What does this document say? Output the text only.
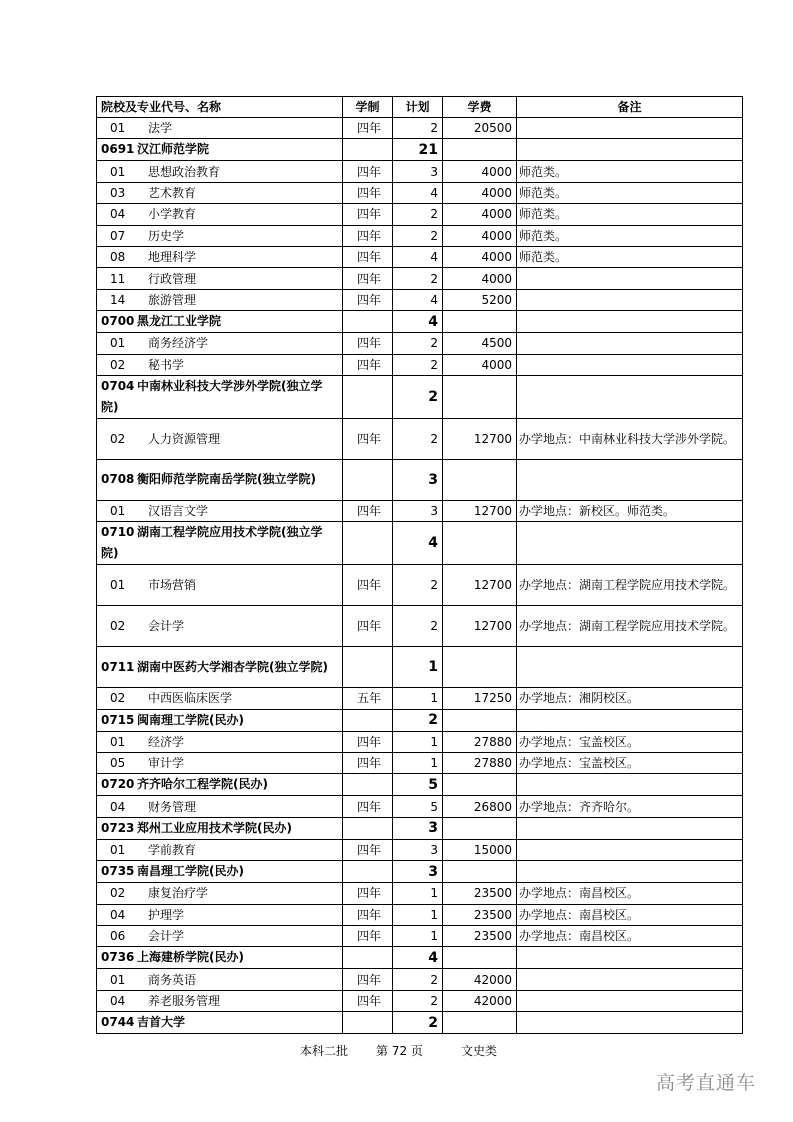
院校及专业代号、名称	学制	计划	学费	备注
01 法学	四年	2	20500	
0691 汉江师范学院		21		
01 思想政治教育	四年	3	4000	师范类。
03 艺术教育	四年	4	4000	师范类。
04 小学教育	四年	2	4000	师范类。
07 历史学	四年	2	4000	师范类。
08 地理科学	四年	4	4000	师范类。
11 行政管理	四年	2	4000	
14 旅游管理	四年	4	5200	
0700 黑龙江工业学院		4		
01 商务经济学	四年	2	4500	
02 秘书学	四年	2	4000	
0704 中南林业科技大学涉外学院(独立学院)		2		
02 人力资源管理	四年	2	12700	办学地点：中南林业科技大学涉外学院。
0708 衡阳师范学院南岳学院(独立学院)		3		
01 汉语言文学	四年	3	12700	办学地点：新校区。师范类。
0710 湖南工程学院应用技术学院(独立学院)		4		
01 市场营销	四年	2	12700	办学地点：湖南工程学院应用技术学院。
02 会计学	四年	2	12700	办学地点：湖南工程学院应用技术学院。
0711 湖南中医药大学湘杏学院(独立学院)		1		
02 中西医临床医学	五年	1	17250	办学地点：湘阴校区。
0715 闽南理工学院(民办)		2		
01 经济学	四年	1	27880	办学地点：宝盖校区。
05 审计学	四年	1	27880	办学地点：宝盖校区。
0720 齐齐哈尔工程学院(民办)		5		
04 财务管理	四年	5	26800	办学地点：齐齐哈尔。
0723 郑州工业应用技术学院(民办)		3		
01 学前教育	四年	3	15000	
0735 南昌理工学院(民办)		3		
02 康复治疗学	四年	1	23500	办学地点：南昌校区。
04 护理学	四年	1	23500	办学地点：南昌校区。
06 会计学	四年	1	23500	办学地点：南昌校区。
0736 上海建桥学院(民办)		4		
01 商务英语	四年	2	42000	
04 养老服务管理	四年	2	42000	
0744 吉首大学		2		
本科二批 第 72 页	文史类
高考直通车
